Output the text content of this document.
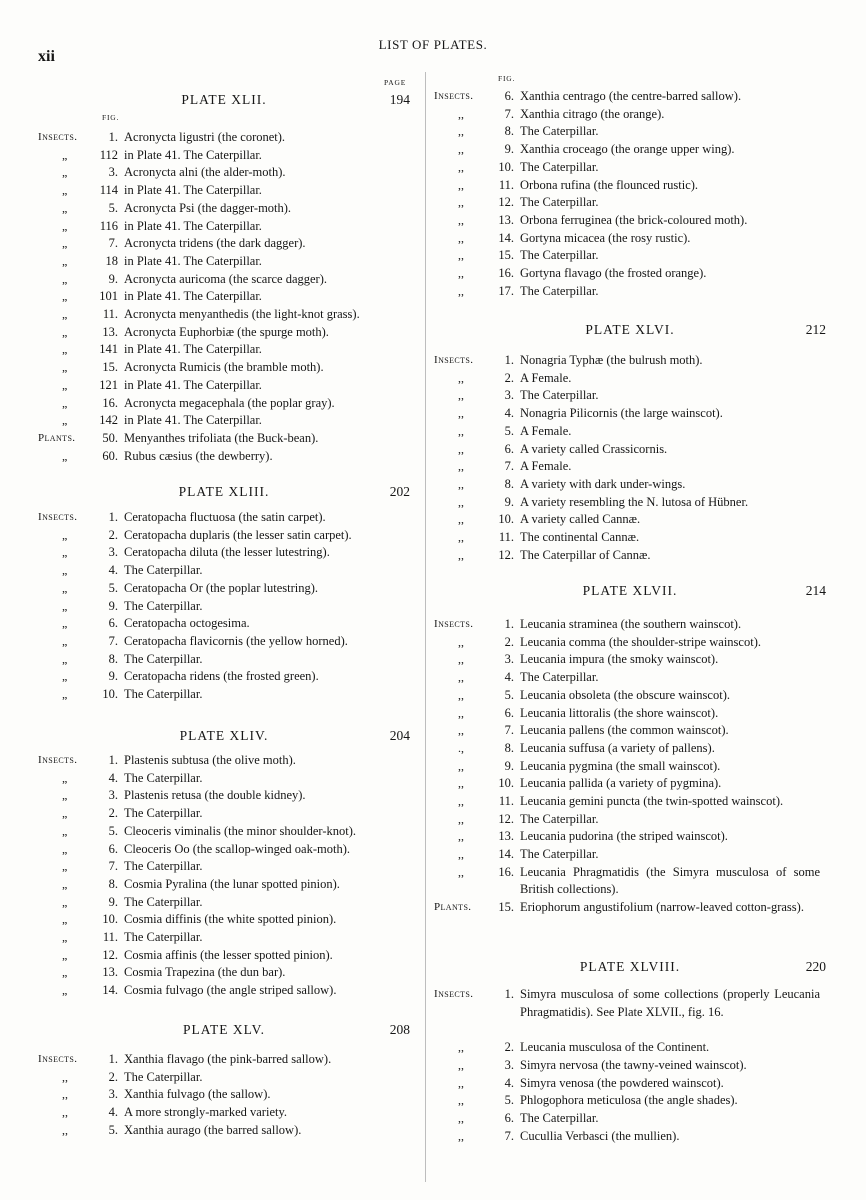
xii
LIST OF PLATES.
PAGE
FIG.
PLATE XLII.	194
Insects. 1. Acronycta ligustri (the coronet).
„	112 in Plate 41. The Caterpillar.
„	3. Acronycta alni (the alder-moth).
„	114 in Plate 41. The Caterpillar.
„	5. Acronycta Psi (the dagger-moth).
„	116 in Plate 41. The Caterpillar.
„	7. Acronycta tridens (the dark dagger).
„	18 in Plate 41. The Caterpillar.
„	9. Acronycta auricoma (the scarce dagger).
„	101 in Plate 41. The Caterpillar.
„	11. Acronycta menyanthedis (the light-knot grass).
„	13. Acronycta Euphorbiæ (the spurge moth).
„	141 in Plate 41. The Caterpillar.
„	15. Acronycta Rumicis (the bramble moth).
„	121 in Plate 41. The Caterpillar.
„	16. Acronycta megacephala (the poplar gray).
„	142 in Plate 41. The Caterpillar.
Plants. 50. Menyanthes trifoliata (the Buck-bean).
„	60. Rubus cæsius (the dewberry).
PLATE XLIII.	202
Insects. 1. Ceratopacha fluctuosa (the satin carpet).
„	2. Ceratopacha duplaris (the lesser satin carpet).
„	3. Ceratopacha diluta (the lesser lutestring).
„	4. The Caterpillar.
„	5. Ceratopacha Or (the poplar lutestring).
„	9. The Caterpillar.
„	6. Ceratopacha octogesima.
„	7. Ceratopacha flavicornis (the yellow horned).
„	8. The Caterpillar.
„	9. Ceratopacha ridens (the frosted green).
„	10. The Caterpillar.
PLATE XLIV.	204
Insects. 1. Plastenis subtusa (the olive moth).
„	4. The Caterpillar.
„	3. Plastenis retusa (the double kidney).
„	2. The Caterpillar.
„	5. Cleoceris viminalis (the minor shoulder-knot).
„	6. Cleoceris Oo (the scallop-winged oak-moth).
„	7. The Caterpillar.
„	8. Cosmia Pyralina (the lunar spotted pinion).
„	9. The Caterpillar.
„	10. Cosmia diffinis (the white spotted pinion).
„	11. The Caterpillar.
„	12. Cosmia affinis (the lesser spotted pinion).
„	13. Cosmia Trapezina (the dun bar).
„	14. Cosmia fulvago (the angle striped sallow).
PLATE XLV.	208
Insects. 1. Xanthia flavago (the pink-barred sallow).
,,	2. The Caterpillar.
,,	3. Xanthia fulvago (the sallow).
,,	4. A more strongly-marked variety.
,,	5. Xanthia aurago (the barred sallow).
FIG.
Insects. 6. Xanthia centrago (the centre-barred sallow).
,,	7. Xanthia citrago (the orange).
,,	8. The Caterpillar.
,,	9. Xanthia croceago (the orange upper wing).
,,	10. The Caterpillar.
,,	11. Orbona rufina (the flounced rustic).
,,	12. The Caterpillar.
,,	13. Orbona ferruginea (the brick-coloured moth).
,,	14. Gortyna micacea (the rosy rustic).
,,	15. The Caterpillar.
,,	16. Gortyna flavago (the frosted orange).
,,	17. The Caterpillar.
PLATE XLVI.	212
Insects. 1. Nonagria Typhæ (the bulrush moth).
,,	2. A Female.
,,	3. The Caterpillar.
,,	4. Nonagria Pilicornis (the large wainscot).
,,	5. A Female.
,,	6. A variety called Crassicornis.
,,	7. A Female.
,,	8. A variety with dark under-wings.
,,	9. A variety resembling the N. lutosa of Hübner.
,,	10. A variety called Cannæ.
,,	11. The continental Cannæ.
,,	12. The Caterpillar of Cannæ.
PLATE XLVII.	214
Insects. 1. Leucania straminea (the southern wainscot).
,,	2. Leucania comma (the shoulder-stripe wainscot).
,,	3. Leucania impura (the smoky wainscot).
,,	4. The Caterpillar.
,,	5. Leucania obsoleta (the obscure wainscot).
,,	6. Leucania littoralis (the shore wainscot).
,,	7. Leucania pallens (the common wainscot).
.,	8. Leucania suffusa (a variety of pallens).
,,	9. Leucania pygmina (the small wainscot).
,,	10. Leucania pallida (a variety of pygmina).
,,	11. Leucania gemini puncta (the twin-spotted wainscot).
,,	12. The Caterpillar.
,,	13. Leucania pudorina (the striped wainscot).
,,	14. The Caterpillar.
,,	16. Leucania Phragmatidis (the Simyra musculosa of some British collections).
Plants. 15. Eriophorum angustifolium (narrow-leaved cotton-grass).
PLATE XLVIII.	220
Insects. 1. Simyra musculosa of some collections (properly Leucania Phragmatidis). See Plate XLVII., fig. 16.
,,	2. Leucania musculosa of the Continent.
,,	3. Simyra nervosa (the tawny-veined wainscot).
,,	4. Simyra venosa (the powdered wainscot).
,,	5. Phlogophora meticulosa (the angle shades).
,,	6. The Caterpillar.
,,	7. Cucullia Verbasci (the mullien).
